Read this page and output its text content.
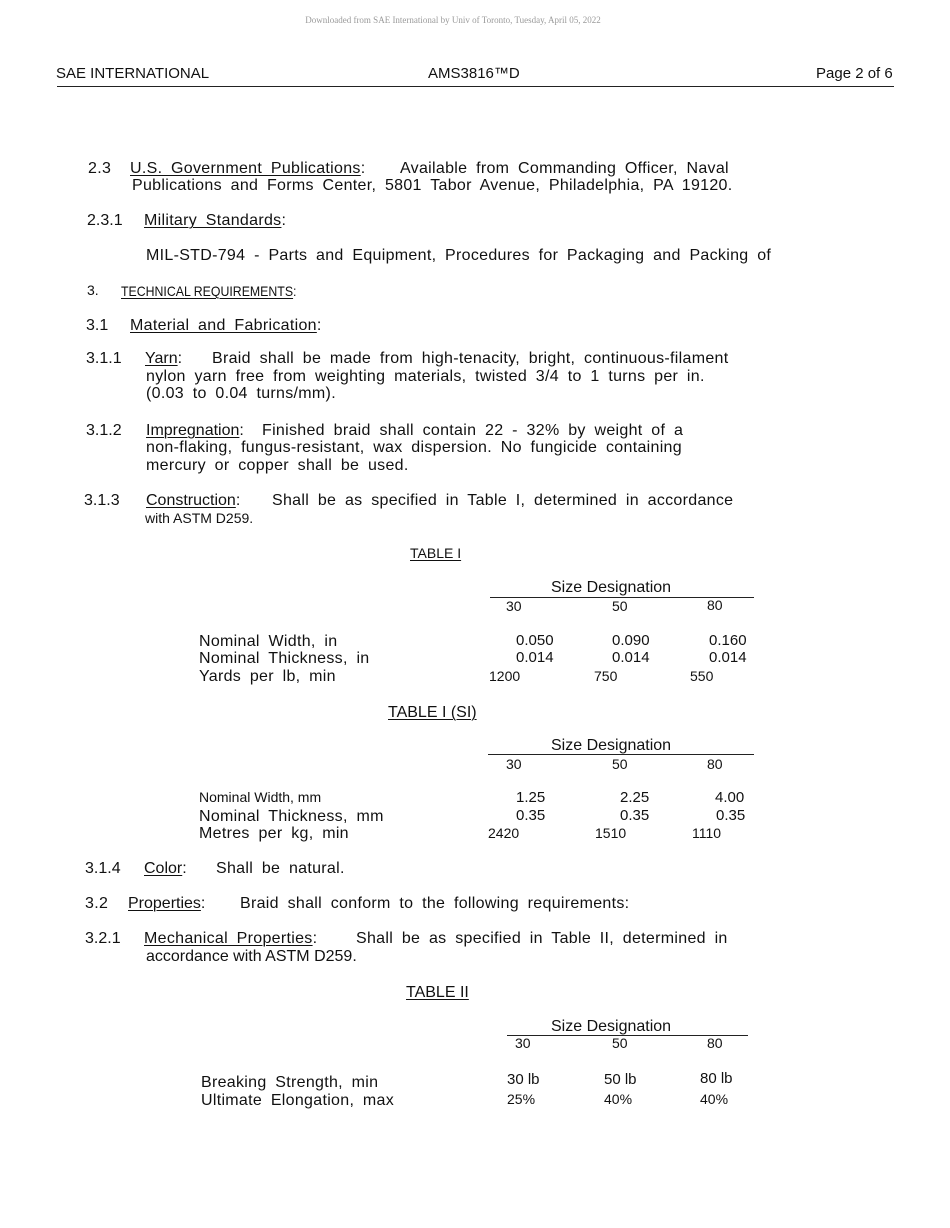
Downloaded from SAE International by Univ of Toronto, Tuesday, April 05, 2022
SAE INTERNATIONAL	AMS3816™D	Page 2 of 6
2.3 U.S. Government Publications: Available from Commanding Officer, Naval
Publications and Forms Center, 5801 Tabor Avenue, Philadelphia, PA 19120.
2.3.1 Military Standards:
MIL-STD-794 - Parts and Equipment, Procedures for Packaging and Packing of
3. TECHNICAL REQUIREMENTS:
3.1 Material and Fabrication:
3.1.1 Yarn: Braid shall be made from high-tenacity, bright, continuous-filament
nylon yarn free from weighting materials, twisted 3/4 to 1 turns per in.
(0.03 to 0.04 turns/mm).
3.1.2 Impregnation: Finished braid shall contain 22 - 32% by weight of a
non-flaking, fungus-resistant, wax dispersion. No fungicide containing
mercury or copper shall be used.
3.1.3 Construction: Shall be as specified in Table I, determined in accordance
with ASTM D259.
TABLE I
Size Designation
30	50	80
Nominal Width, in	0.050	0.090	0.160
Nominal Thickness, in	0.014	0.014	0.014
Yards per lb, min	1200	750	550
TABLE I (SI)
Size Designation
30	50	80
Nominal Width, mm	1.25	2.25	4.00
Nominal Thickness, mm	0.35	0.35	0.35
Metres per kg, min	2420	1510	1110
3.1.4 Color: Shall be natural.
3.2 Properties: Braid shall conform to the following requirements:
3.2.1 Mechanical Properties: Shall be as specified in Table II, determined in
accordance with ASTM D259.
TABLE II
Size Designation
30	50	80
Breaking Strength, min	30 lb	50 lb	80 lb
Ultimate Elongation, max	25%	40%	40%
